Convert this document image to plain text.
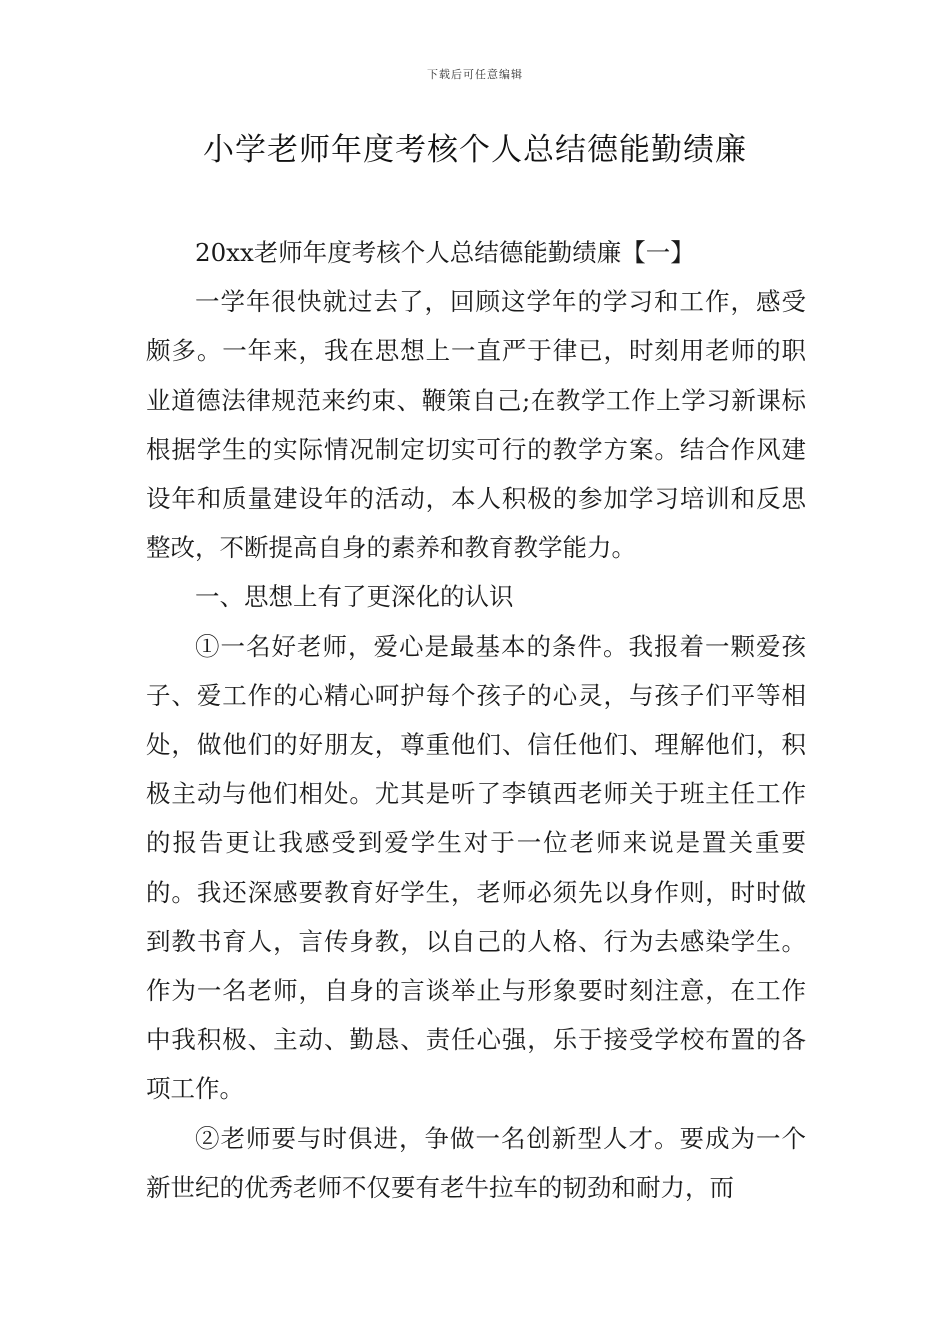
下载后可任意编辑
小学老师年度考核个人总结德能勤绩廉

20xx老师年度考核个人总结德能勤绩廉【一】

一学年很快就过去了，回顾这学年的学习和工作，感受颇多。一年来，我在思想上一直严于律已，时刻用老师的职业道德法律规范来约束、鞭策自己;在教学工作上学习新课标根据学生的实际情况制定切实可行的教学方案。结合作风建设年和质量建设年的活动，本人积极的参加学习培训和反思整改，不断提高自身的素养和教育教学能力。

一、思想上有了更深化的认识

①一名好老师，爱心是最基本的条件。我报着一颗爱孩子、爱工作的心精心呵护每个孩子的心灵，与孩子们平等相处，做他们的好朋友，尊重他们、信任他们、理解他们，积极主动与他们相处。尤其是听了李镇西老师关于班主任工作的报告更让我感受到爱学生对于一位老师来说是置关重要的。我还深感要教育好学生，老师必须先以身作则，时时做到教书育人，言传身教，以自己的人格、行为去感染学生。作为一名老师，自身的言谈举止与形象要时刻注意，在工作中我积极、主动、勤恳、责任心强，乐于接受学校布置的各项工作。

②老师要与时俱进，争做一名创新型人才。要成为一个新世纪的优秀老师不仅要有老牛拉车的韧劲和耐力，而
